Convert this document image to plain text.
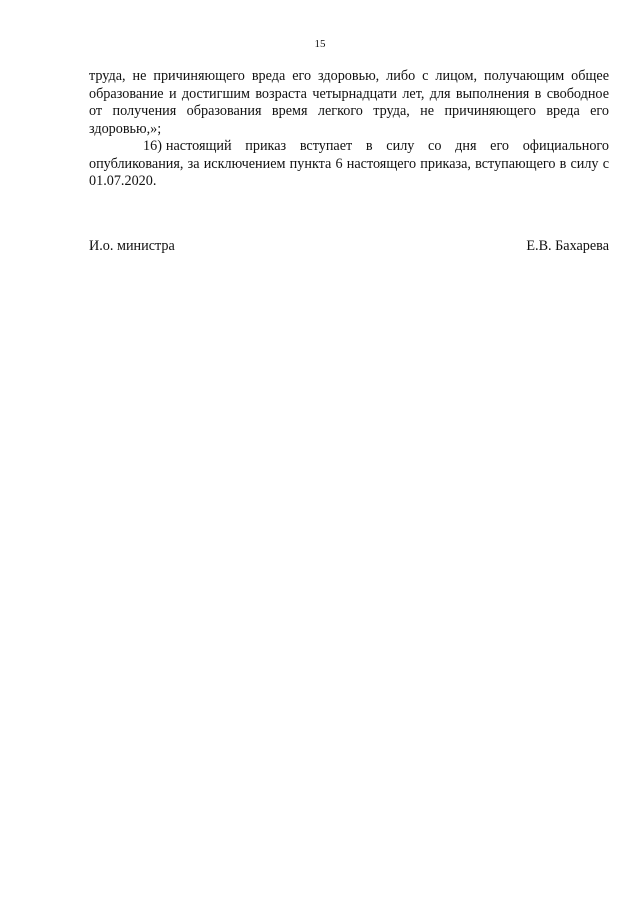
15

труда, не причиняющего вреда его здоровью, либо с лицом, получающим общее образование и достигшим возраста четырнадцати лет, для выполнения в свободное от получения образования время легкого труда, не причиняющего вреда его здоровью,»;

16) настоящий приказ вступает в силу со дня его официального опубликования, за исключением пункта 6 настоящего приказа, вступающего в силу с 01.07.2020.

И.о. министра	Е.В. Бахарева
